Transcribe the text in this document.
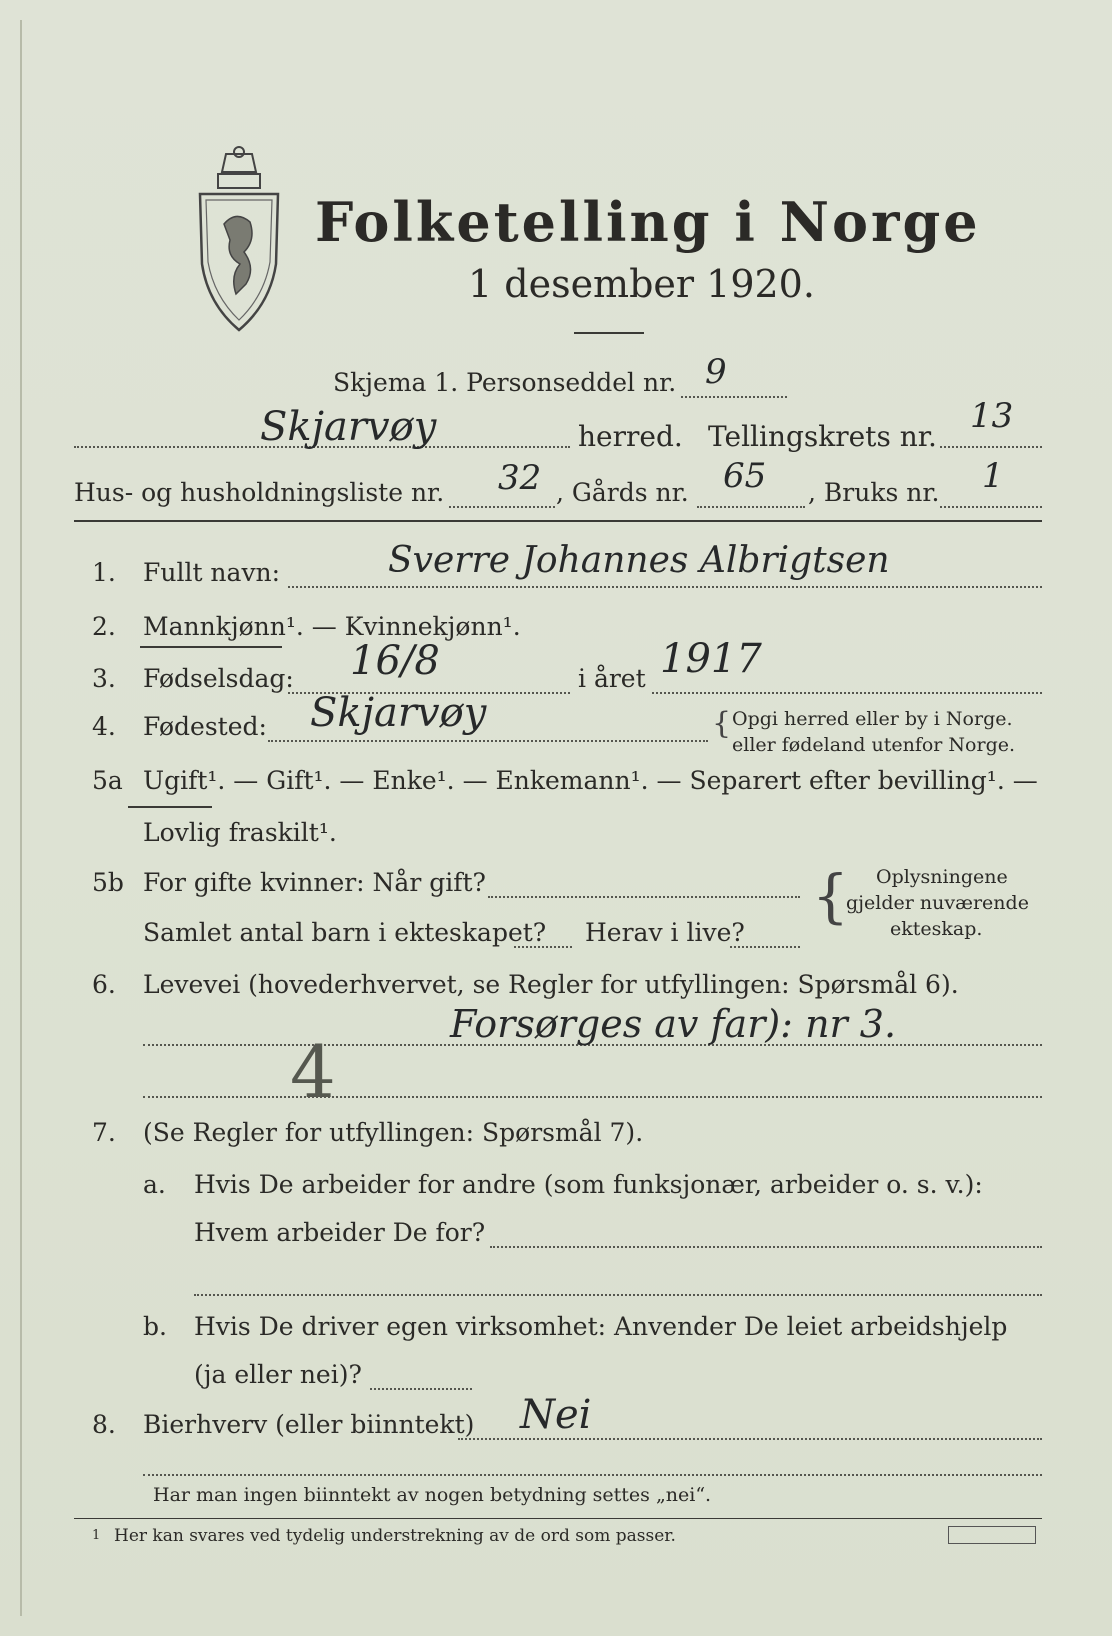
Folketelling i Norge
1 desember 1920.
Skjema 1. Personseddel nr. 9
Skjarvøy	herred. Tellingskrets nr.
13
Hus- og husholdningsliste nr. 32 , Gårds nr. 65 , Bruks nr. 1
1. Fullt navn:	Sverre Johannes Albrigtsen
2. Mannkjønn¹. — Kvinnekjønn¹.
3. Fødselsdag: 16/8	i året 1917
4. Fødested: Skjarvøy	{ Opgi herred eller by i Norge.
eller fødeland utenfor Norge.
5a Ugift¹. — Gift¹. — Enke¹. — Enkemann¹. — Separert efter bevilling¹. —
Lovlig fraskilt¹.
5b For gifte kvinner: Når gift?
Samlet antal barn i ekteskapet? Herav i live?
{ Oplysningene
gjelder nuværende
ekteskap.
6. Levevei (hovederhvervet, se Regler for utfyllingen: Spørsmål 6).
Forsørges av far): nr 3.
4
7. (Se Regler for utfyllingen: Spørsmål 7).
a. Hvis De arbeider for andre (som funksjonær, arbeider o. s. v.):
Hvem arbeider De for?
b. Hvis De driver egen virksomhet: Anvender De leiet arbeidshjelp
(ja eller nei)?
8. Bierhverv (eller biinntekt) Nei
Har man ingen biinntekt av nogen betydning settes „nei“.
1 Her kan svares ved tydelig understrekning av de ord som passer.
